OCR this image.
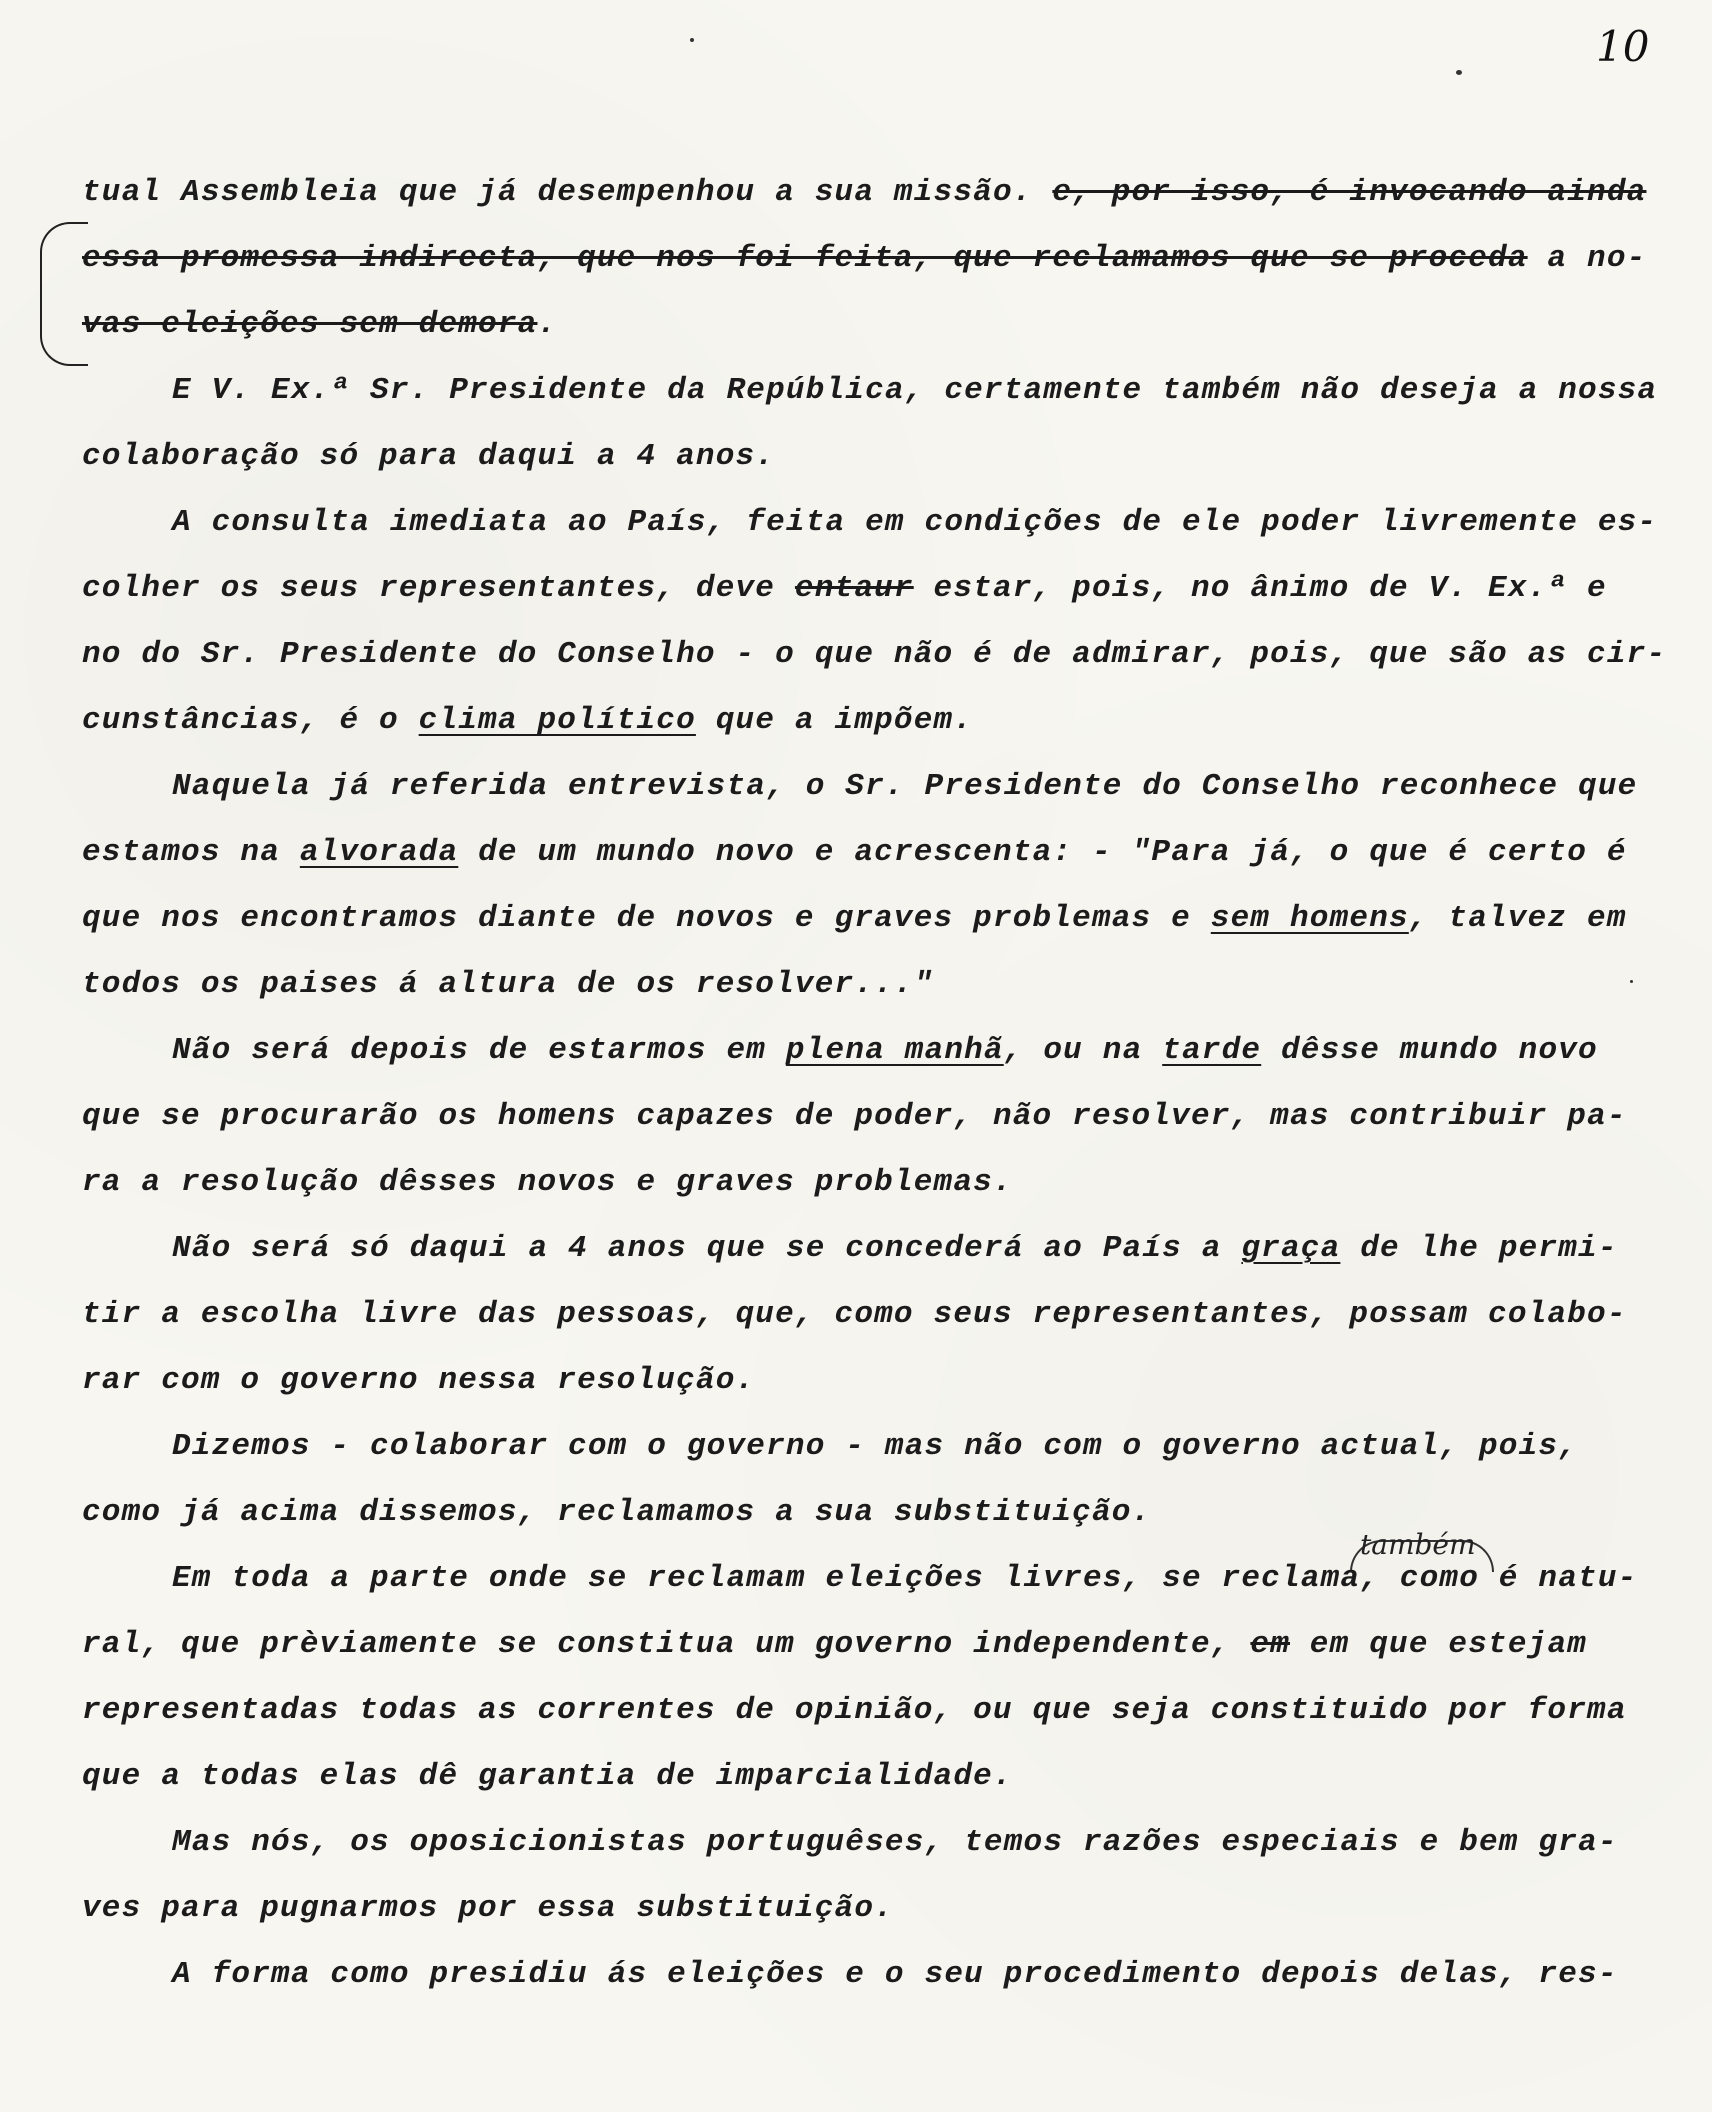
10
também
tual Assembleia que já desempenhou a sua missão. e, por isso, é invocando ainda
essa promessa indirecta, que nos foi feita, que reclamamos que se proceda a no-
vas eleições sem demora.
E V. Ex.ª Sr. Presidente da República, certamente também não deseja a nossa
colaboração só para daqui a 4 anos.
A consulta imediata ao País, feita em condições de ele poder livremente es-
colher os seus representantes, deve entaur estar, pois, no ânimo de V. Ex.ª e
no do Sr. Presidente do Conselho - o que não é de admirar, pois, que são as cir-
cunstâncias, é o clima político que a impõem.
Naquela já referida entrevista, o Sr. Presidente do Conselho reconhece que
estamos na alvorada de um mundo novo e acrescenta: - "Para já, o que é certo é
que nos encontramos diante de novos e graves problemas e sem homens, talvez em
todos os paises á altura de os resolver..."
Não será depois de estarmos em plena manhã, ou na tarde dêsse mundo novo
que se procurarão os homens capazes de poder, não resolver, mas contribuir pa-
ra a resolução dêsses novos e graves problemas.
Não será só daqui a 4 anos que se concederá ao País a graça de lhe permi-
tir a escolha livre das pessoas, que, como seus representantes, possam colabo-
rar com o governo nessa resolução.
Dizemos - colaborar com o governo - mas não com o governo actual, pois,
como já acima dissemos, reclamamos a sua substituição.
Em toda a parte onde se reclamam eleições livres, se reclama, como é natu-
ral, que prèviamente se constitua um governo independente, em em que estejam
representadas todas as correntes de opinião, ou que seja constituido por forma
que a todas elas dê garantia de imparcialidade.
Mas nós, os oposicionistas portuguêses, temos razões especiais e bem gra-
ves para pugnarmos por essa substituição.
A forma como presidiu ás eleições e o seu procedimento depois delas, res-
